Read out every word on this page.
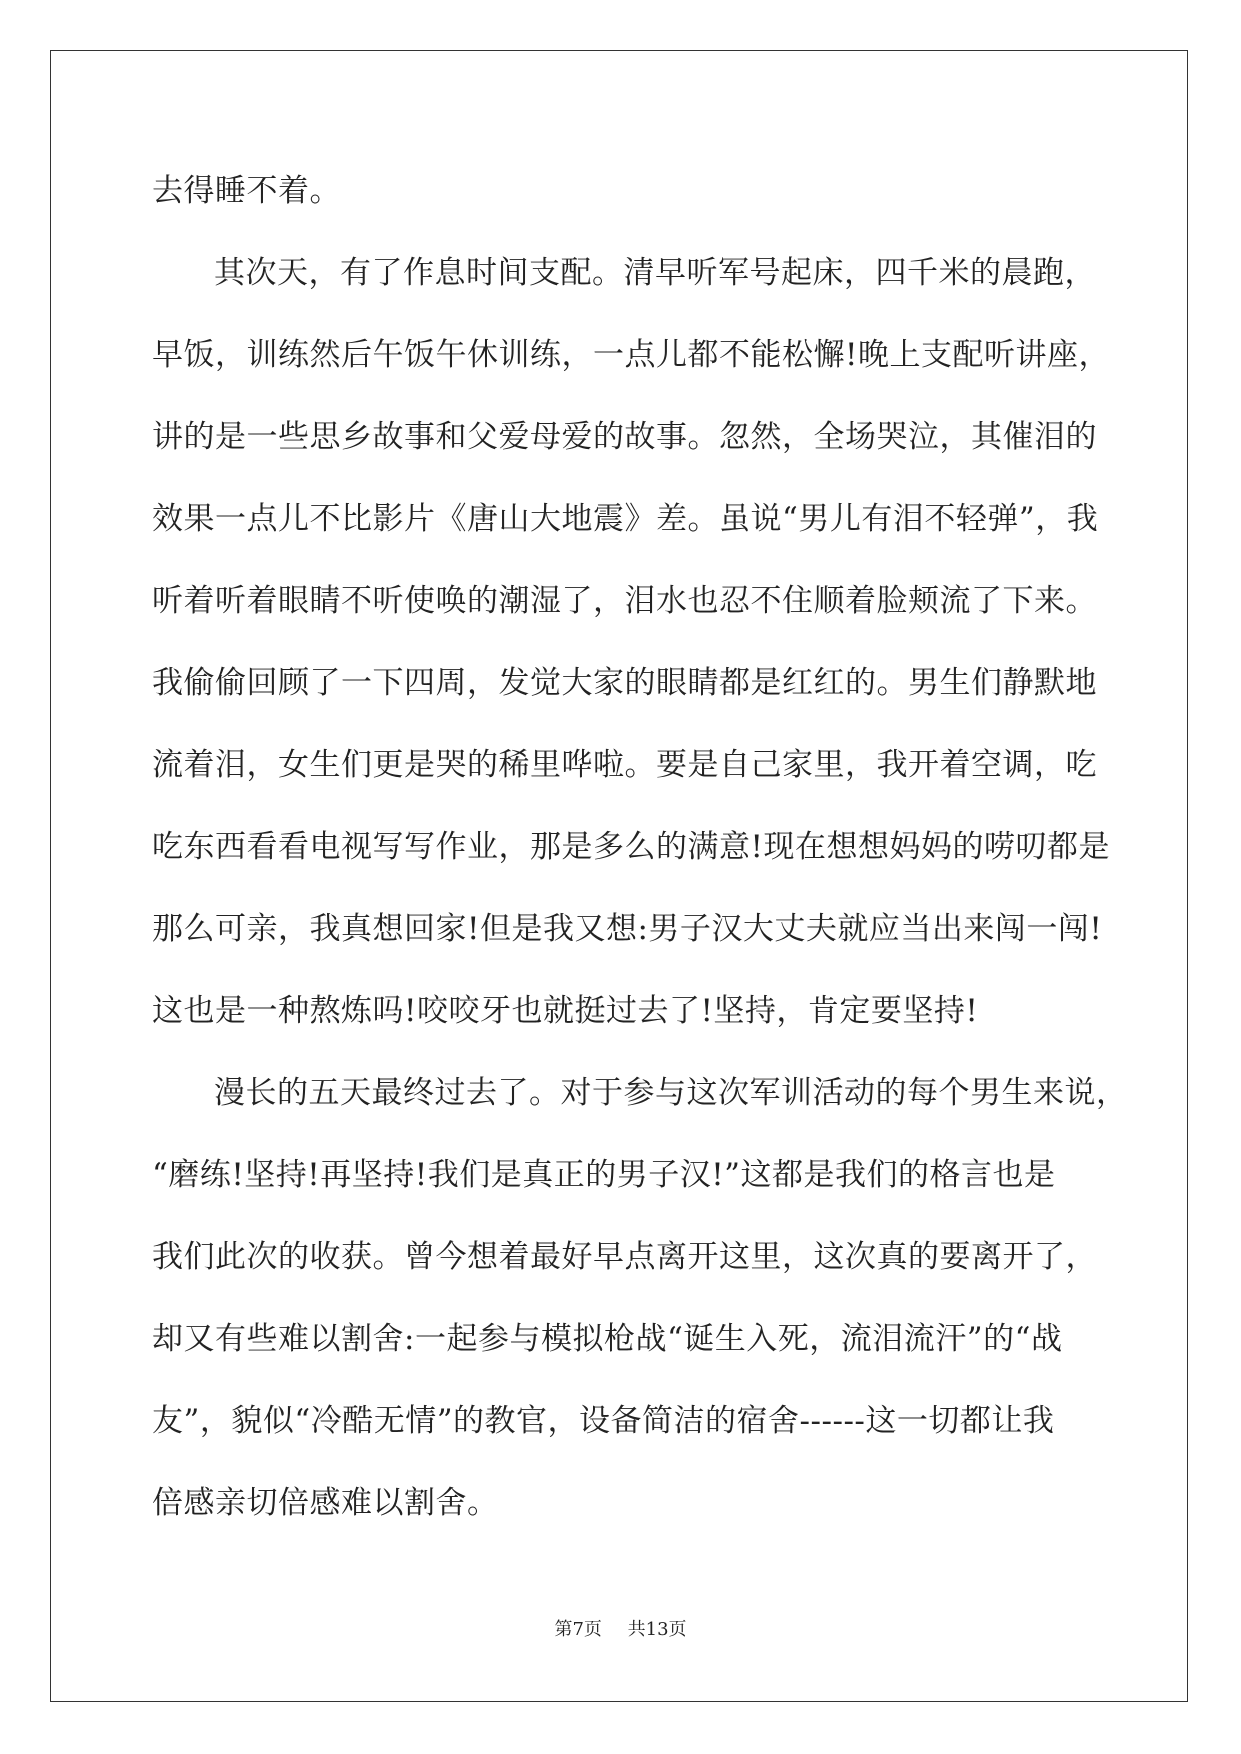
去得睡不着。
其次天，有了作息时间支配。清早听军号起床，四千米的晨跑，
早饭，训练然后午饭午休训练，一点儿都不能松懈!晚上支配听讲座，
讲的是一些思乡故事和父爱母爱的故事。忽然，全场哭泣，其催泪的
效果一点儿不比影片《唐山大地震》差。虽说“男儿有泪不轻弹”，我
听着听着眼睛不听使唤的潮湿了，泪水也忍不住顺着脸颊流了下来。
我偷偷回顾了一下四周，发觉大家的眼睛都是红红的。男生们静默地
流着泪，女生们更是哭的稀里哗啦。要是自己家里，我开着空调，吃
吃东西看看电视写写作业，那是多么的满意!现在想想妈妈的唠叨都是
那么可亲，我真想回家!但是我又想:男子汉大丈夫就应当出来闯一闯!
这也是一种熬炼吗!咬咬牙也就挺过去了!坚持，肯定要坚持!
漫长的五天最终过去了。对于参与这次军训活动的每个男生来说，
“磨练!坚持!再坚持!我们是真正的男子汉!”这都是我们的格言也是
我们此次的收获。曾今想着最好早点离开这里，这次真的要离开了，
却又有些难以割舍:一起参与模拟枪战“诞生入死，流泪流汗”的“战
友”，貌似“冷酷无情”的教官，设备简洁的宿舍------这一切都让我
倍感亲切倍感难以割舍。
第7页 共13页
